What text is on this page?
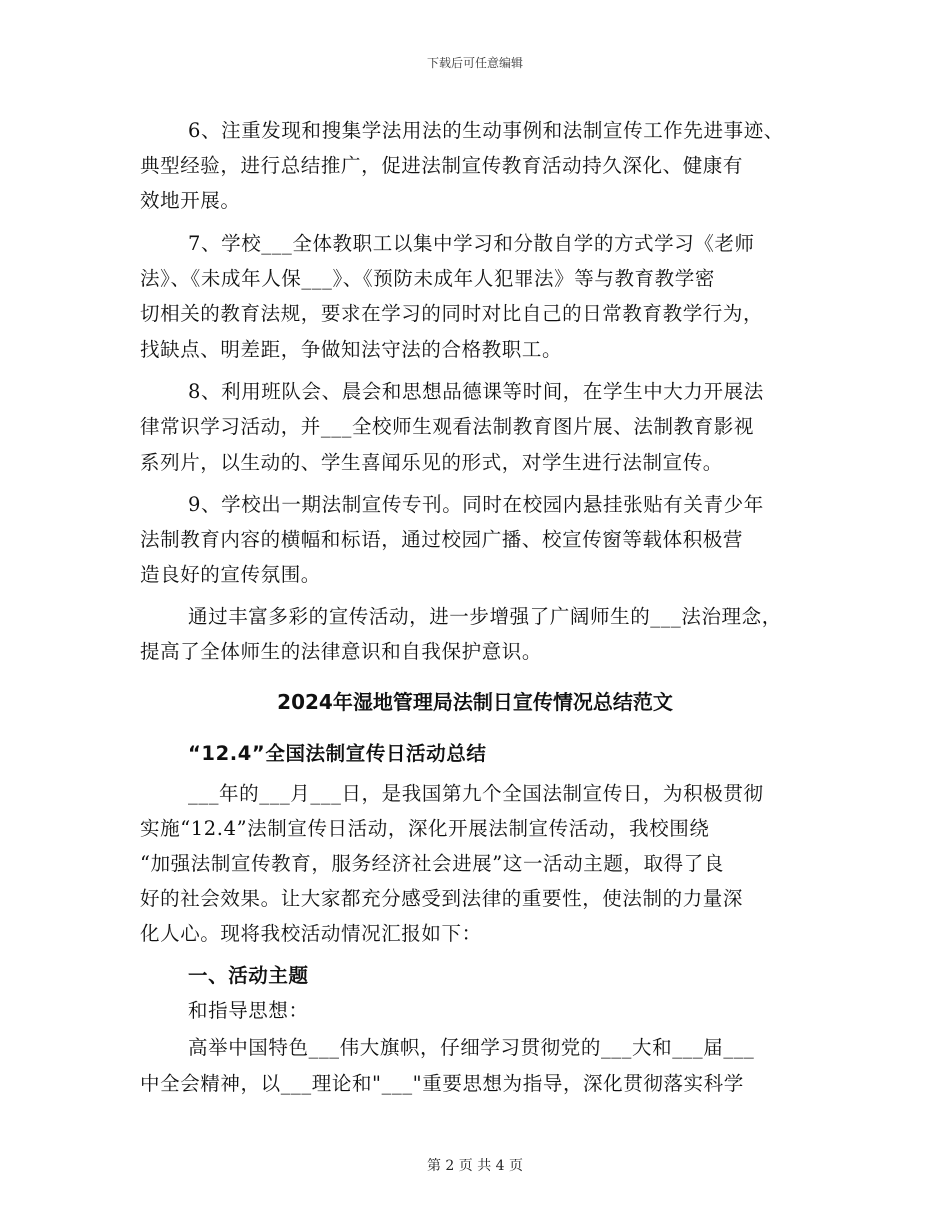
下载后可任意编辑
6、注重发现和搜集学法用法的生动事例和法制宣传工作先进事迹、
典型经验，进行总结推广，促进法制宣传教育活动持久深化、健康有
效地开展。
7、学校___全体教职工以集中学习和分散自学的方式学习《老师
法》、《未成年人保___》、《预防未成年人犯罪法》等与教育教学密
切相关的教育法规，要求在学习的同时对比自己的日常教育教学行为，
找缺点、明差距，争做知法守法的合格教职工。
8、利用班队会、晨会和思想品德课等时间，在学生中大力开展法
律常识学习活动，并___全校师生观看法制教育图片展、法制教育影视
系列片，以生动的、学生喜闻乐见的形式，对学生进行法制宣传。
9、学校出一期法制宣传专刊。同时在校园内悬挂张贴有关青少年
法制教育内容的横幅和标语，通过校园广播、校宣传窗等载体积极营
造良好的宣传氛围。
通过丰富多彩的宣传活动，进一步增强了广阔师生的___法治理念，
提高了全体师生的法律意识和自我保护意识。
2024年湿地管理局法制日宣传情况总结范文
“12.4”全国法制宣传日活动总结
___年的___月___日，是我国第九个全国法制宣传日，为积极贯彻
实施“12.4”法制宣传日活动，深化开展法制宣传活动，我校围绕
“加强法制宣传教育，服务经济社会进展”这一活动主题，取得了良
好的社会效果。让大家都充分感受到法律的重要性，使法制的力量深
化人心。现将我校活动情况汇报如下：
一、活动主题
和指导思想：
高举中国特色___伟大旗帜，仔细学习贯彻党的___大和___届___
中全会精神，以___理论和"___"重要思想为指导，深化贯彻落实科学
第 2 页 共 4 页
